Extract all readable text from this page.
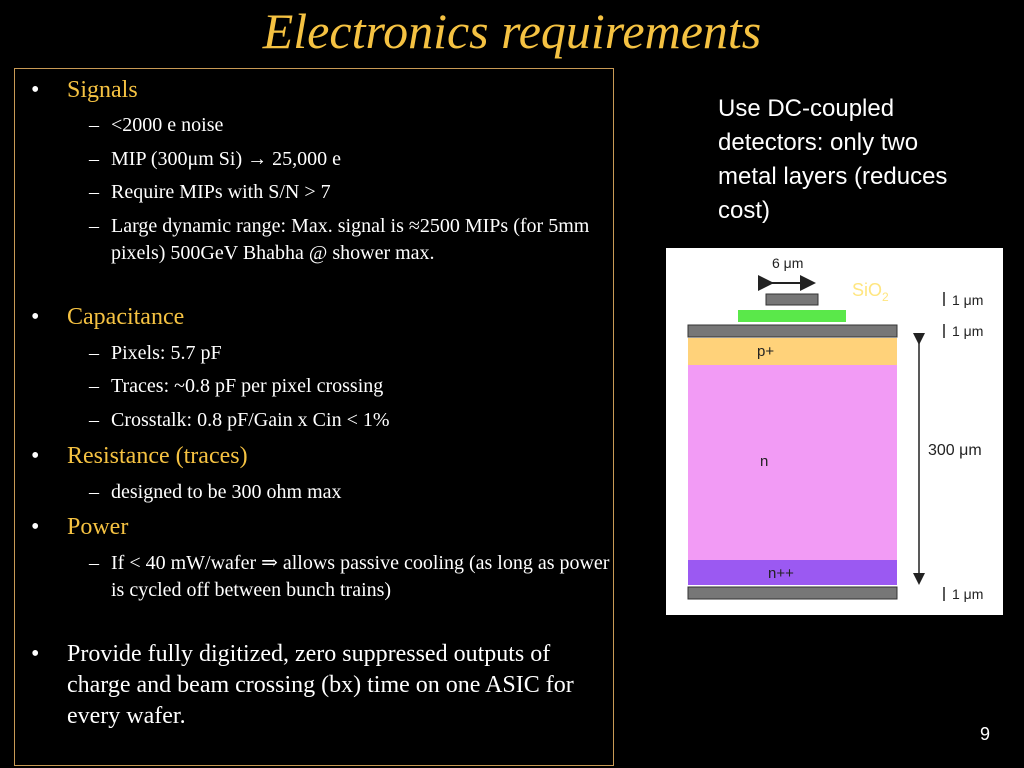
Electronics requirements
• Signals
– <2000 e noise
– MIP (300μm Si) → 25,000 e
– Require MIPs with S/N > 7
– Large dynamic range: Max. signal is ≈2500 MIPs (for 5mm pixels) 500GeV Bhabha @ shower max.
• Capacitance
– Pixels: 5.7 pF
– Traces: ~0.8 pF per pixel crossing
– Crosstalk: 0.8 pF/Gain x Cin < 1%
• Resistance (traces)
– designed to be 300 ohm max
• Power
– If < 40 mW/wafer ⇒ allows passive cooling (as long as power is cycled off between bunch trains)
• Provide fully digitized, zero suppressed outputs of charge and beam crossing (bx) time on one ASIC for every wafer.
Use DC-coupled detectors: only two metal layers (reduces cost)
6 μm
SiO$_2$
p+
n
n++
1 μm
1 μm
300 μm
1 μm
9
